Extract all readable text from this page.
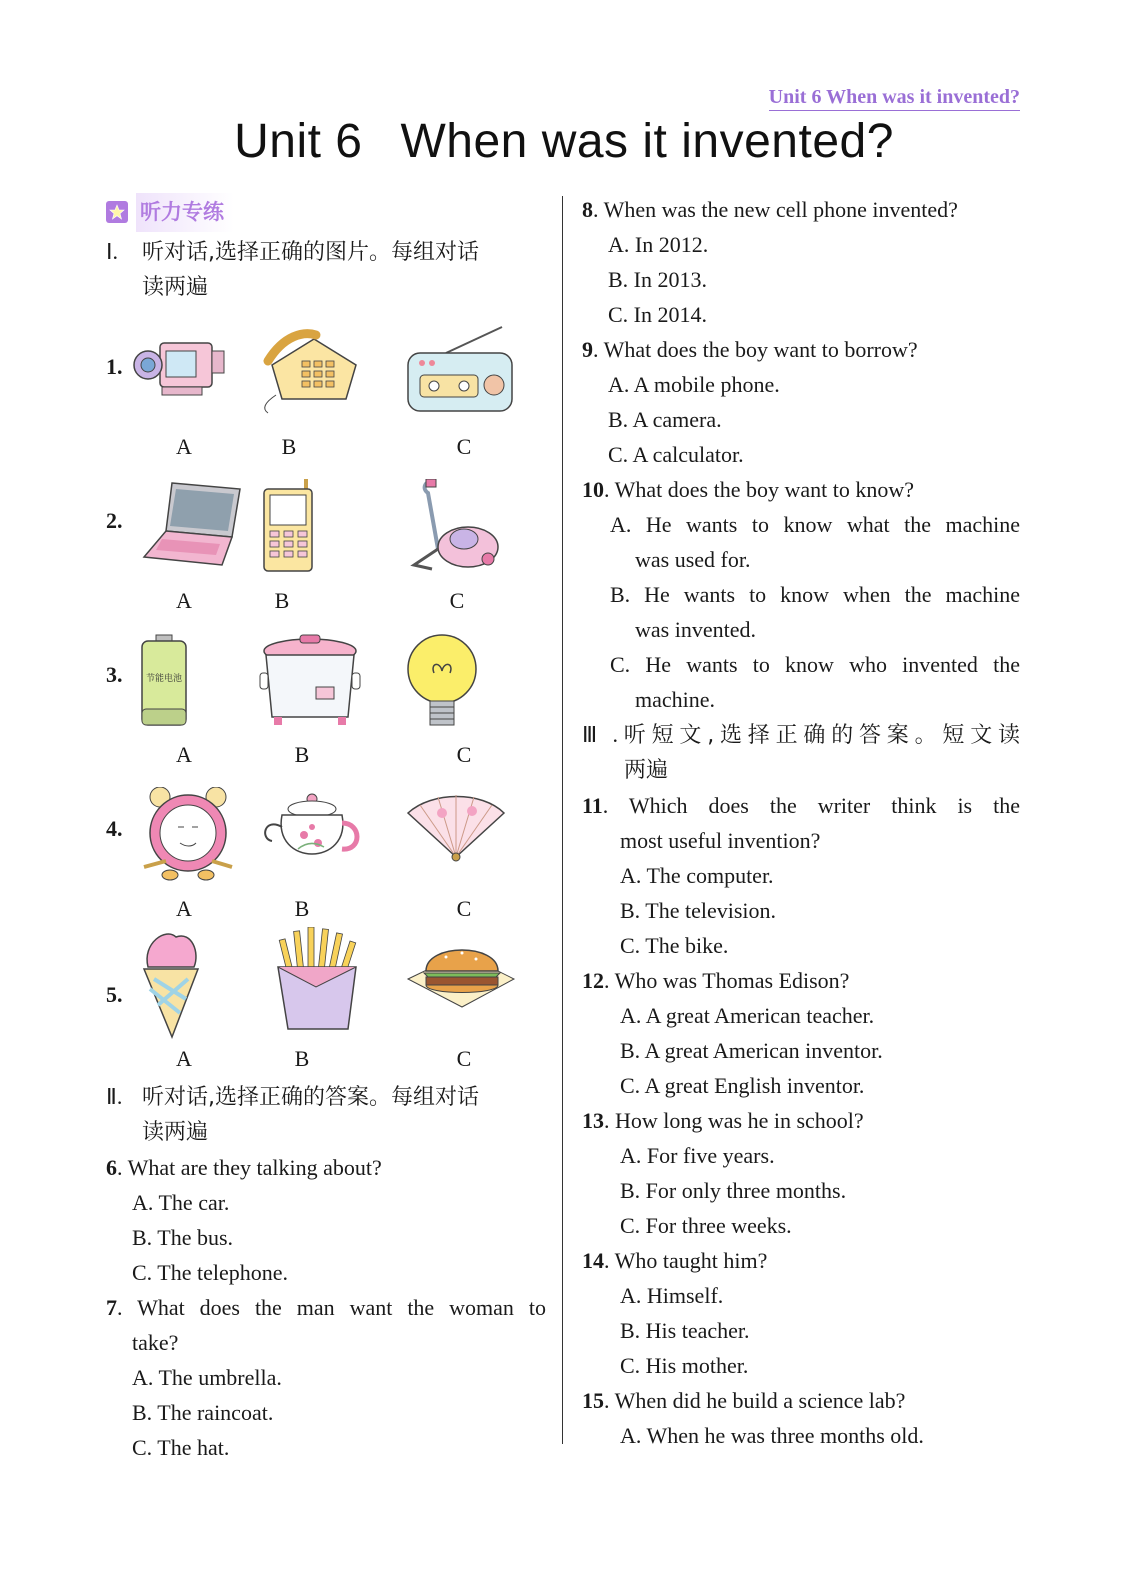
Unit 6 When was it invented?
Unit 6 When was it invented?
听力专练
Ⅰ. 听对话,选择正确的图片。每组对话
读两遍
1.
A	B	C
2.
A	B	C
3.	节能电池
A	B	C
4.
A	B	C
5.
A	B	C
Ⅱ. 听对话,选择正确的答案。每组对话
读两遍
6. What are they talking about?
A. The car.
B. The bus.
C. The telephone.
7. What does the man want the woman to
take?
A. The umbrella.
B. The raincoat.
C. The hat.
8. When was the new cell phone invented?
A. In 2012.
B. In 2013.
C. In 2014.
9. What does the boy want to borrow?
A. A mobile phone.
B. A camera.
C. A calculator.
10. What does the boy want to know?
A. He wants to know what the machine
was used for.
B. He wants to know when the machine
was invented.
C. He wants to know who invented the
machine.
Ⅲ.听短文,选择正确的答案。短文读
两遍
11. Which does the writer think is the
most useful invention?
A. The computer.
B. The television.
C. The bike.
12. Who was Thomas Edison?
A. A great American teacher.
B. A great American inventor.
C. A great English inventor.
13. How long was he in school?
A. For five years.
B. For only three months.
C. For three weeks.
14. Who taught him?
A. Himself.
B. His teacher.
C. His mother.
15. When did he build a science lab?
A. When he was three months old.
